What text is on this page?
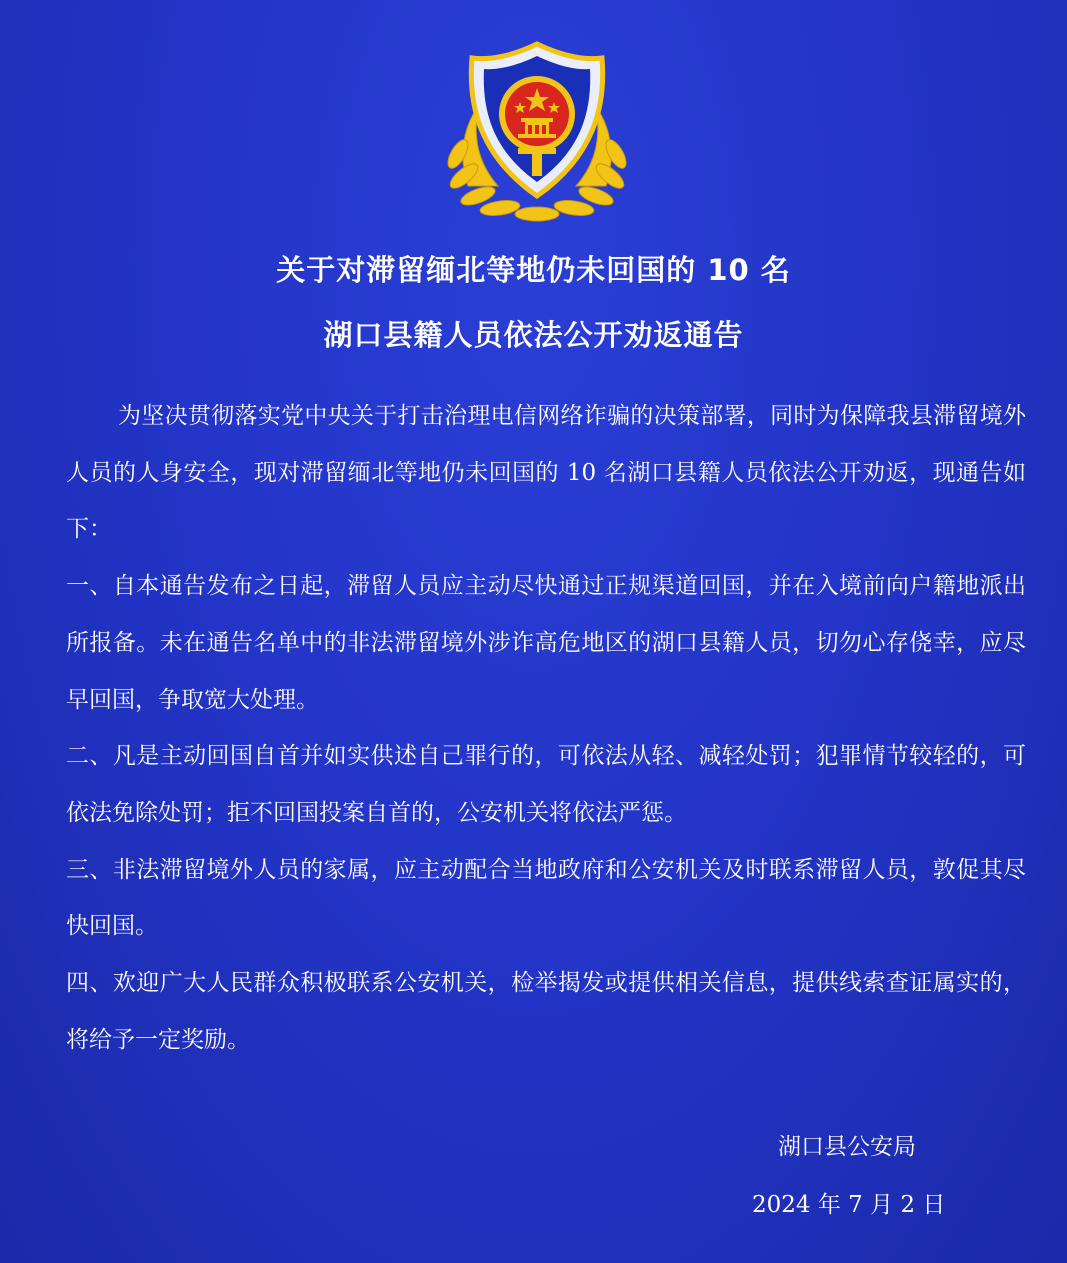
关于对滞留缅北等地仍未回国的 10 名
湖口县籍人员依法公开劝返通告

为坚决贯彻落实党中央关于打击治理电信网络诈骗的决策部署，同时为保障我县滞留境外人员的人身安全，现对滞留缅北等地仍未回国的 10 名湖口县籍人员依法公开劝返，现通告如下：

一、自本通告发布之日起，滞留人员应主动尽快通过正规渠道回国，并在入境前向户籍地派出所报备。未在通告名单中的非法滞留境外涉诈高危地区的湖口县籍人员，切勿心存侥幸，应尽早回国，争取宽大处理。

二、凡是主动回国自首并如实供述自己罪行的，可依法从轻、减轻处罚；犯罪情节较轻的，可依法免除处罚；拒不回国投案自首的，公安机关将依法严惩。

三、非法滞留境外人员的家属，应主动配合当地政府和公安机关及时联系滞留人员，敦促其尽快回国。

四、欢迎广大人民群众积极联系公安机关，检举揭发或提供相关信息，提供线索查证属实的，将给予一定奖励。

湖口县公安局
2024 年 7 月 2 日
